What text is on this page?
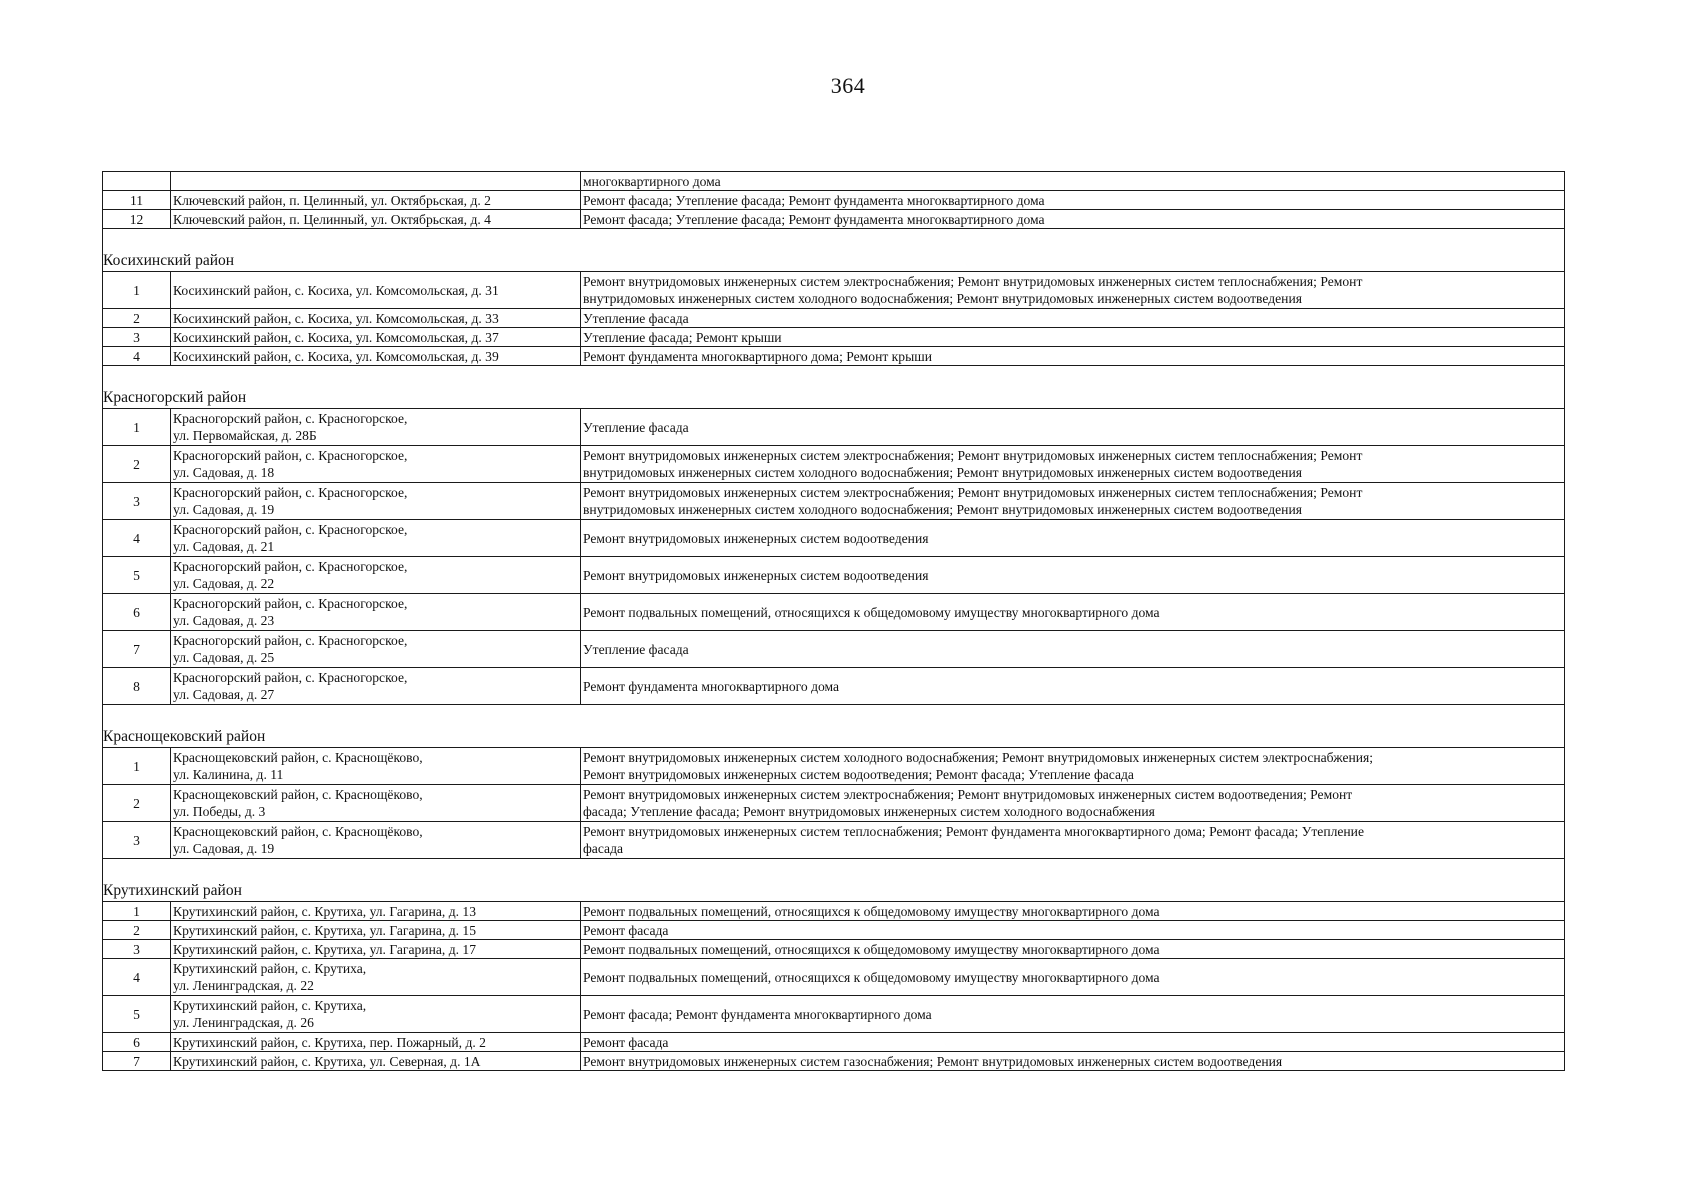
364
		многоквартирного дома
11	Ключевский район, п. Целинный, ул. Октябрьская, д. 2	Ремонт фасада; Утепление фасада; Ремонт фундамента многоквартирного дома

12	Ключевский район, п. Целинный, ул. Октябрьская, д. 4	Ремонт фасада; Утепление фасада; Ремонт фундамента многоквартирного дома

Косихинский район		

1	Косихинский район, с. Косиха, ул. Комсомольская, д. 31	Ремонт внутридомовых инженерных систем электроснабжения; Ремонт внутридомовых инженерных систем теплоснабжения; Ремонт
внутридомовых инженерных систем холодного водоснабжения; Ремонт внутридомовых инженерных систем водоотведения

2	Косихинский район, с. Косиха, ул. Комсомольская, д. 33	Утепление фасада

3	Косихинский район, с. Косиха, ул. Комсомольская, д. 37	Утепление фасада; Ремонт крыши

4	Косихинский район, с. Косиха, ул. Комсомольская, д. 39	Ремонт фундамента многоквартирного дома; Ремонт крыши

Красногорский район		

1	Красногорский район, с. Красногорское,
ул. Первомайская, д. 28Б	Утепление фасада

2	Красногорский район, с. Красногорское,
ул. Садовая, д. 18	Ремонт внутридомовых инженерных систем электроснабжения; Ремонт внутридомовых инженерных систем теплоснабжения; Ремонт
внутридомовых инженерных систем холодного водоснабжения; Ремонт внутридомовых инженерных систем водоотведения

3	Красногорский район, с. Красногорское,
ул. Садовая, д. 19	Ремонт внутридомовых инженерных систем электроснабжения; Ремонт внутридомовых инженерных систем теплоснабжения; Ремонт
внутридомовых инженерных систем холодного водоснабжения; Ремонт внутридомовых инженерных систем водоотведения

4	Красногорский район, с. Красногорское,
ул. Садовая, д. 21	Ремонт внутридомовых инженерных систем водоотведения

5	Красногорский район, с. Красногорское,
ул. Садовая, д. 22	Ремонт внутридомовых инженерных систем водоотведения

6	Красногорский район, с. Красногорское,
ул. Садовая, д. 23	Ремонт подвальных помещений, относящихся к общедомовому имуществу многоквартирного дома

7	Красногорский район, с. Красногорское,
ул. Садовая, д. 25	Утепление фасада

8	Красногорский район, с. Красногорское,
ул. Садовая, д. 27	Ремонт фундамента многоквартирного дома

Краснощековский район		

1	Краснощековский район, с. Краснощёково,
ул. Калинина, д. 11	Ремонт внутридомовых инженерных систем холодного водоснабжения; Ремонт внутридомовых инженерных систем электроснабжения;
Ремонт внутридомовых инженерных систем водоотведения; Ремонт фасада; Утепление фасада

2	Краснощековский район, с. Краснощёково,
ул. Победы, д. 3	Ремонт внутридомовых инженерных систем электроснабжения; Ремонт внутридомовых инженерных систем водоотведения; Ремонт
фасада; Утепление фасада; Ремонт внутридомовых инженерных систем холодного водоснабжения

3	Краснощековский район, с. Краснощёково,
ул. Садовая, д. 19	Ремонт внутридомовых инженерных систем теплоснабжения; Ремонт фундамента многоквартирного дома; Ремонт фасада; Утепление
фасада

Крутихинский район		

1	Крутихинский район, с. Крутиха, ул. Гагарина, д. 13	Ремонт подвальных помещений, относящихся к общедомовому имуществу многоквартирного дома

2	Крутихинский район, с. Крутиха, ул. Гагарина, д. 15	Ремонт фасада

3	Крутихинский район, с. Крутиха, ул. Гагарина, д. 17	Ремонт подвальных помещений, относящихся к общедомовому имуществу многоквартирного дома

4	Крутихинский район, с. Крутиха,
ул. Ленинградская, д. 22	Ремонт подвальных помещений, относящихся к общедомовому имуществу многоквартирного дома

5	Крутихинский район, с. Крутиха,
ул. Ленинградская, д. 26	Ремонт фасада; Ремонт фундамента многоквартирного дома

6	Крутихинский район, с. Крутиха, пер. Пожарный, д. 2	Ремонт фасада

7	Крутихинский район, с. Крутиха, ул. Северная, д. 1А	Ремонт внутридомовых инженерных систем газоснабжения; Ремонт внутридомовых инженерных систем водоотведения
